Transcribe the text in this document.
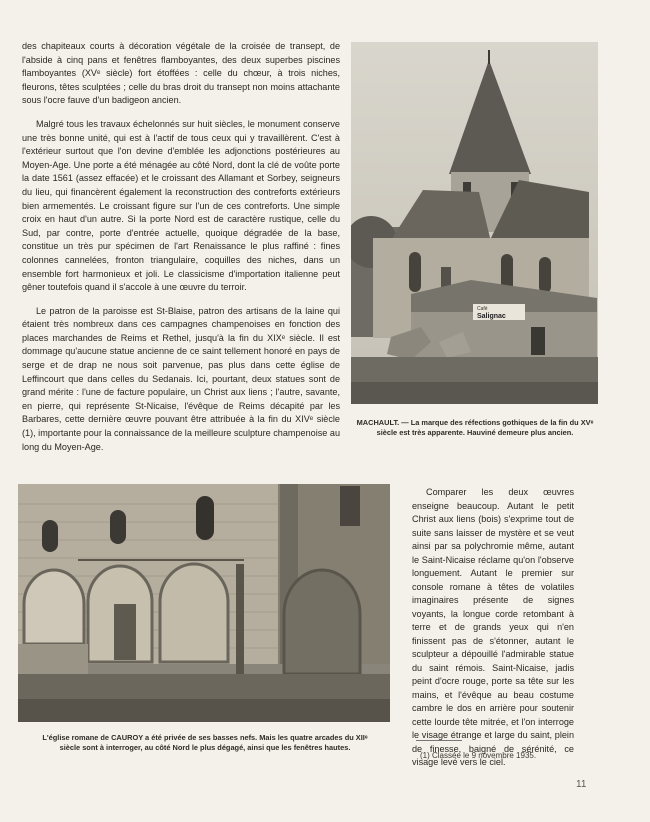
des chapiteaux courts à décoration végétale de la croisée de transept, de l'abside à cinq pans et fenêtres flamboyantes, des deux superbes piscines flamboyantes (XVᵉ siècle) fort étoffées : celle du chœur, à trois niches, fleurons, têtes sculptées ; celle du bras droit du transept non moins attachante sous l'ocre fauve d'un badigeon ancien.

Malgré tous les travaux échelonnés sur huit siècles, le monument conserve une très bonne unité, qui est à l'actif de tous ceux qui y travaillèrent. C'est à l'extérieur surtout que l'on devine d'emblée les adjonctions postérieures au Moyen-Age. Une porte a été ménagée au côté Nord, dont la clé de voûte porte la date 1561 (assez effacée) et le croissant des Allamant et Sorbey, seigneurs du lieu, qui financèrent également la reconstruction des contreforts extérieurs bien armementés. Le croissant figure sur l'un de ces contreforts. Une simple croix en haut d'un autre. Si la porte Nord est de caractère rustique, celle du Sud, par contre, porte d'entrée actuelle, quoique dégradée de la base, constitue un très pur spécimen de l'art Renaissance le plus raffiné : fines colonnes cannelées, fronton triangulaire, coquilles des niches, dans un ensemble fort harmonieux et joli. Le classicisme d'importation italienne peut gêner toutefois quand il s'accole à une œuvre du terroir.

Le patron de la paroisse est St-Blaise, patron des artisans de la laine qui étaient très nombreux dans ces campagnes champenoises en fonction des places marchandes de Reims et Rethel, jusqu'à la fin du XIXᵉ siècle. Il est dommage qu'aucune statue ancienne de ce saint tellement honoré en pays de serge et de drap ne nous soit parvenue, pas plus dans cette église de Leffincourt que dans celles du Sedanais. Ici, pourtant, deux statues sont de grand mérite : l'une de facture populaire, un Christ aux liens ; l'autre, savante, en pierre, qui représente St-Nicaise, l'évêque de Reims décapité par les Barbares, cette dernière œuvre pouvant être attribuée à la fin du XIVᵉ siècle (1), importante pour la connaissance de la meilleure sculpture champenoise au long du Moyen-Age.

Café
Salignac
MACHAULT. — La marque des réfections gothiques de la fin du XVᵉ siècle est très apparente. Hauviné demeure plus ancien.

Comparer les deux œuvres enseigne beaucoup. Autant le petit Christ aux liens (bois) s'exprime tout de suite sans laisser de mystère et se veut ainsi par sa polychromie même, autant le Saint-Nicaise réclame qu'on l'observe longuement. Autant le premier sur console romane à têtes de volatiles imaginaires présente de signes voyants, la longue corde retombant à terre et de grands yeux qui n'en finissent pas de s'étonner, autant le sculpteur a dépouillé l'admirable statue du saint rémois. Saint-Nicaise, jadis peint d'ocre rouge, porte sa tête sur les mains, et l'évêque au beau costume cambre le dos en arrière pour soutenir cette lourde tête mitrée, et l'on interroge le visage étrange et large du saint, plein de finesse, baigné de sérénité, ce visage levé vers le ciel.

L'église romane de CAUROY a été privée de ses basses nefs. Mais les quatre arcades du XIIᵉ siècle sont à interroger, au côté Nord le plus dégagé, ainsi que les fenêtres hautes.
(1) Classée le 9 novembre 1935.
11
